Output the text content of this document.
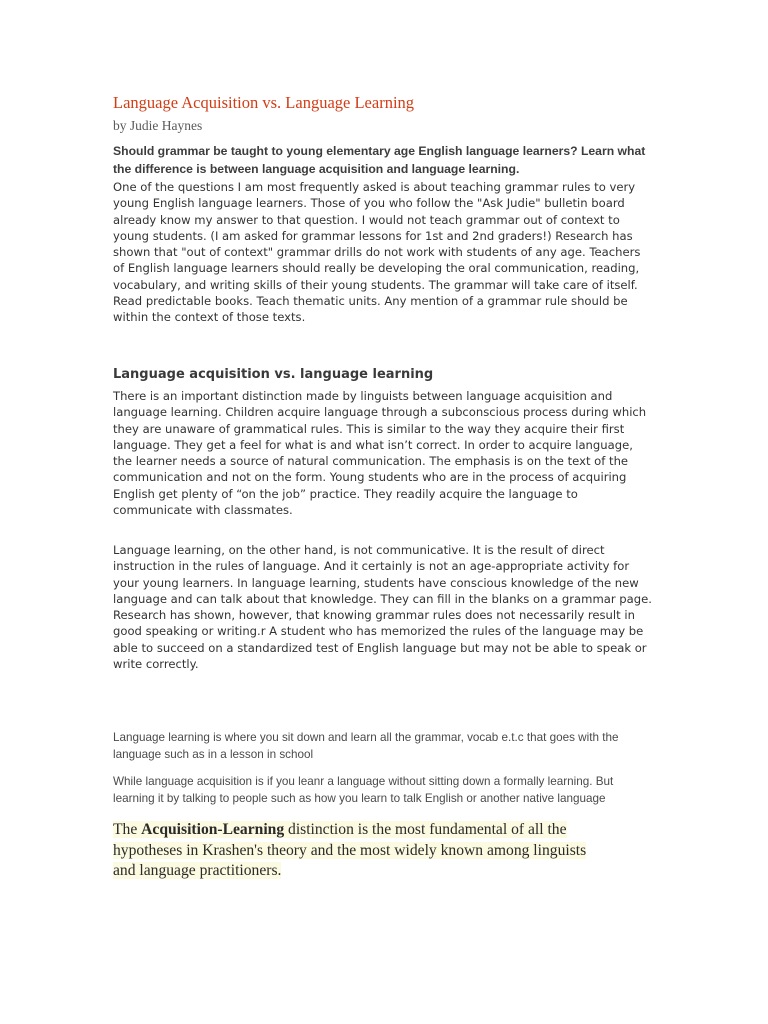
Language Acquisition vs. Language Learning
by Judie Haynes

Should grammar be taught to young elementary age English language learners? Learn what the difference is between language acquisition and language learning.

One of the questions I am most frequently asked is about teaching grammar rules to very young English language learners. Those of you who follow the "Ask Judie" bulletin board already know my answer to that question. I would not teach grammar out of context to young students. (I am asked for grammar lessons for 1st and 2nd graders!) Research has shown that "out of context" grammar drills do not work with students of any age. Teachers of English language learners should really be developing the oral communication, reading, vocabulary, and writing skills of their young students. The grammar will take care of itself. Read predictable books. Teach thematic units. Any mention of a grammar rule should be within the context of those texts.

Language acquisition vs. language learning

There is an important distinction made by linguists between language acquisition and language learning. Children acquire language through a subconscious process during which they are unaware of grammatical rules. This is similar to the way they acquire their first language. They get a feel for what is and what isn’t correct. In order to acquire language, the learner needs a source of natural communication. The emphasis is on the text of the communication and not on the form. Young students who are in the process of acquiring English get plenty of “on the job” practice. They readily acquire the language to communicate with classmates.

Language learning, on the other hand, is not communicative. It is the result of direct instruction in the rules of language. And it certainly is not an age-appropriate activity for your young learners. In language learning, students have conscious knowledge of the new language and can talk about that knowledge. They can fill in the blanks on a grammar page. Research has shown, however, that knowing grammar rules does not necessarily result in good speaking or writing.r A student who has memorized the rules of the language may be able to succeed on a standardized test of English language but may not be able to speak or write correctly.

Language learning is where you sit down and learn all the grammar, vocab e.t.c that goes with the language such as in a lesson in school

While language acquisition is if you leanr a language without sitting down a formally learning. But learning it by talking to people such as how you learn to talk English or another native language

The Acquisition-Learning distinction is the most fundamental of all the
hypotheses in Krashen's theory and the most widely known among linguists
and language practitioners.
